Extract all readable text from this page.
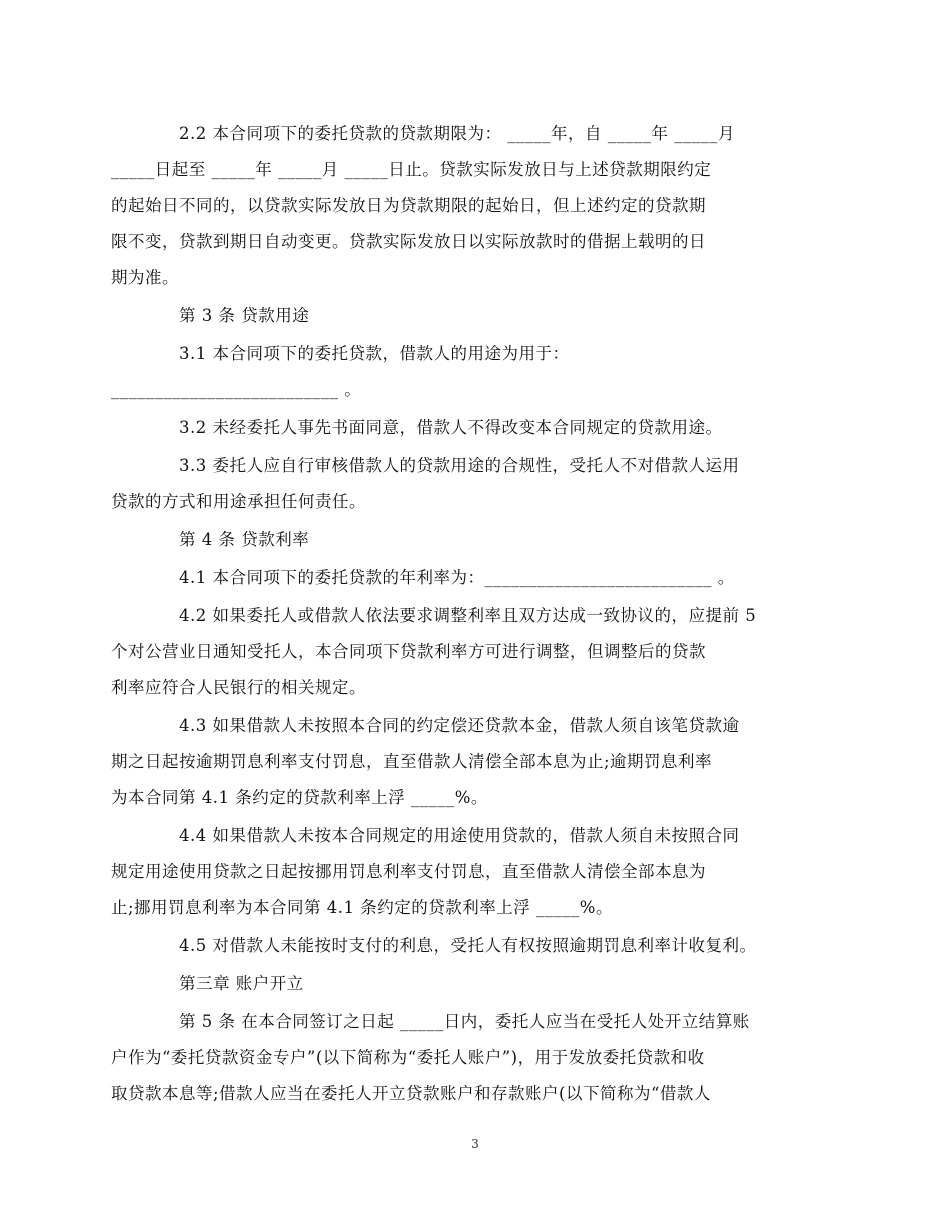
2.2 本合同项下的委托贷款的贷款期限为： _____年，自 _____年 _____月
_____日起至 _____年 _____月 _____日止。贷款实际发放日与上述贷款期限约定
的起始日不同的，以贷款实际发放日为贷款期限的起始日，但上述约定的贷款期
限不变，贷款到期日自动变更。贷款实际发放日以实际放款时的借据上载明的日
期为准。

第 3 条 贷款用途

3.1 本合同项下的委托贷款，借款人的用途为用于：
__________________________ 。

3.2 未经委托人事先书面同意，借款人不得改变本合同规定的贷款用途。

3.3 委托人应自行审核借款人的贷款用途的合规性，受托人不对借款人运用
贷款的方式和用途承担任何责任。

第 4 条 贷款利率

4.1 本合同项下的委托贷款的年利率为：__________________________ 。

4.2 如果委托人或借款人依法要求调整利率且双方达成一致协议的，应提前 5
个对公营业日通知受托人，本合同项下贷款利率方可进行调整，但调整后的贷款
利率应符合人民银行的相关规定。

4.3 如果借款人未按照本合同的约定偿还贷款本金，借款人须自该笔贷款逾
期之日起按逾期罚息利率支付罚息，直至借款人清偿全部本息为止;逾期罚息利率
为本合同第 4.1 条约定的贷款利率上浮 _____%。

4.4 如果借款人未按本合同规定的用途使用贷款的，借款人须自未按照合同
规定用途使用贷款之日起按挪用罚息利率支付罚息，直至借款人清偿全部本息为
止;挪用罚息利率为本合同第 4.1 条约定的贷款利率上浮 _____%。

4.5 对借款人未能按时支付的利息，受托人有权按照逾期罚息利率计收复利。

第三章 账户开立

第 5 条 在本合同签订之日起 _____日内，委托人应当在受托人处开立结算账
户作为“委托贷款资金专户”(以下简称为“委托人账户”)，用于发放委托贷款和收
取贷款本息等;借款人应当在委托人开立贷款账户和存款账户(以下简称为“借款人

3
